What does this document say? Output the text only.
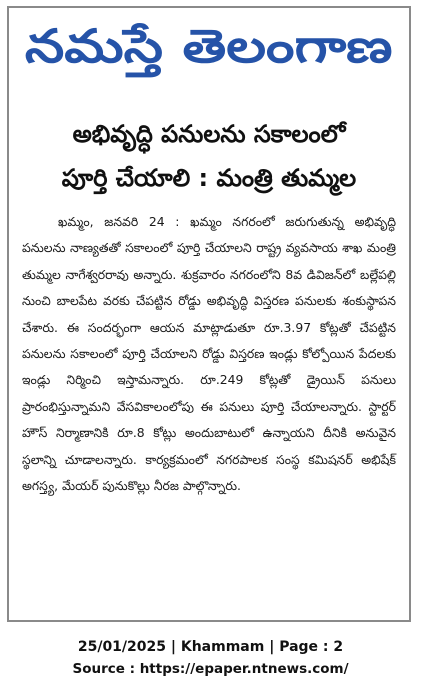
నమస్తే తెలంగాణ
అభివృద్ధి పనులను సకాలంలో
పూర్తి చేయాలి : మంత్రి తుమ్మల

ఖమ్మం, జనవరి 24 : ఖమ్మం నగరంలో జరుగుతున్న అభివృద్ధి పనులను నాణ్యతతో సకాలంలో పూర్తి చేయాలని రాష్ట్ర వ్యవసాయ శాఖ మంత్రి తుమ్మల నాగేశ్వరరావు అన్నారు. శుక్రవారం నగరంలోని 8వ డివిజన్‌లో బల్లేపల్లి నుంచి బాలపేట వరకు చేపట్టిన రోడ్డు అభివృద్ధి విస్తరణ పనులకు శంకుస్థాపన చేశారు. ఈ సందర్భంగా ఆయన మాట్లాడుతూ రూ.3.97 కోట్లతో చేపట్టిన పనులను సకాలంలో పూర్తి చేయాలని రోడ్డు విస్తరణ ఇండ్లు కోల్పోయిన పేదలకు ఇండ్లు నిర్మించి ఇస్తామన్నారు. రూ.249 కోట్లతో డ్రైయిన్ పనులు ప్రారంభిస్తున్నామని వేసవికాలంలోపు ఈ పనులు పూర్తి చేయాలన్నారు. స్టార్టర్ హౌస్ నిర్మాణానికి రూ.8 కోట్లు అందుబాటులో ఉన్నాయని దీనికి అనువైన స్థలాన్ని చూడాలన్నారు. కార్యక్రమంలో నగరపాలక సంస్థ కమిషనర్ అభిషేక్ అగస్త్య, మేయర్ పునుకొల్లు నీరజ పాల్గొన్నారు.

25/01/2025 | Khammam | Page : 2
Source : https://epaper.ntnews.com/
